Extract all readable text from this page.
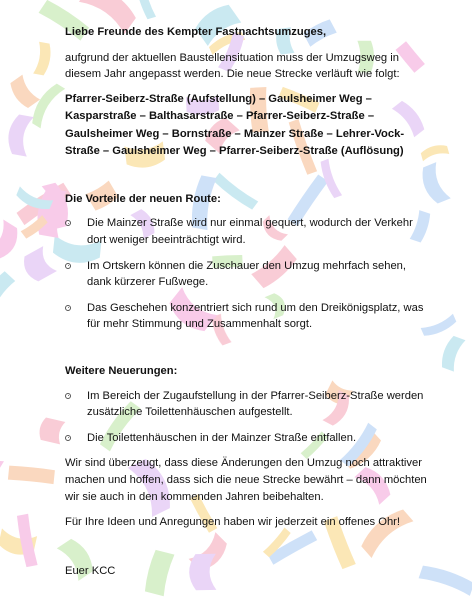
Liebe Freunde des Kempter Fastnachtsumzuges,

aufgrund der aktuellen Baustellensituation muss der Umzugsweg in diesem Jahr angepasst werden. Die neue Strecke verläuft wie folgt:

Pfarrer-Seiberz-Straße (Aufstellung) – Gaulsheimer Weg – Kasparstraße – Balthasarstraße – Pfarrer-Seiberz-Straße – Gaulsheimer Weg – Bornstraße – Mainzer Straße – Lehrer-Vock-Straße – Gaulsheimer Weg – Pfarrer-Seiberz-Straße (Auflösung)

Die Vorteile der neuen Route:

Die Mainzer Straße wird nur einmal gequert, wodurch der Verkehr dort weniger beeinträchtigt wird.
Im Ortskern können die Zuschauer den Umzug mehrfach sehen, dank kürzerer Fußwege.
Das Geschehen konzentriert sich rund um den Dreikönigsplatz, was für mehr Stimmung und Zusammenhalt sorgt.

Weitere Neuerungen:

Im Bereich der Zugaufstellung in der Pfarrer-Seiberz-Straße werden zusätzliche Toilettenhäuschen aufgestellt.
Die Toilettenhäuschen in der Mainzer Straße entfallen.

Wir sind überzeugt, dass diese Änderungen den Umzug noch attraktiver machen und hoffen, dass sich die neue Strecke bewährt – dann möchten wir sie auch in den kommenden Jahren beibehalten.

Für Ihre Ideen und Anregungen haben wir jederzeit ein offenes Ohr!

Euer KCC
